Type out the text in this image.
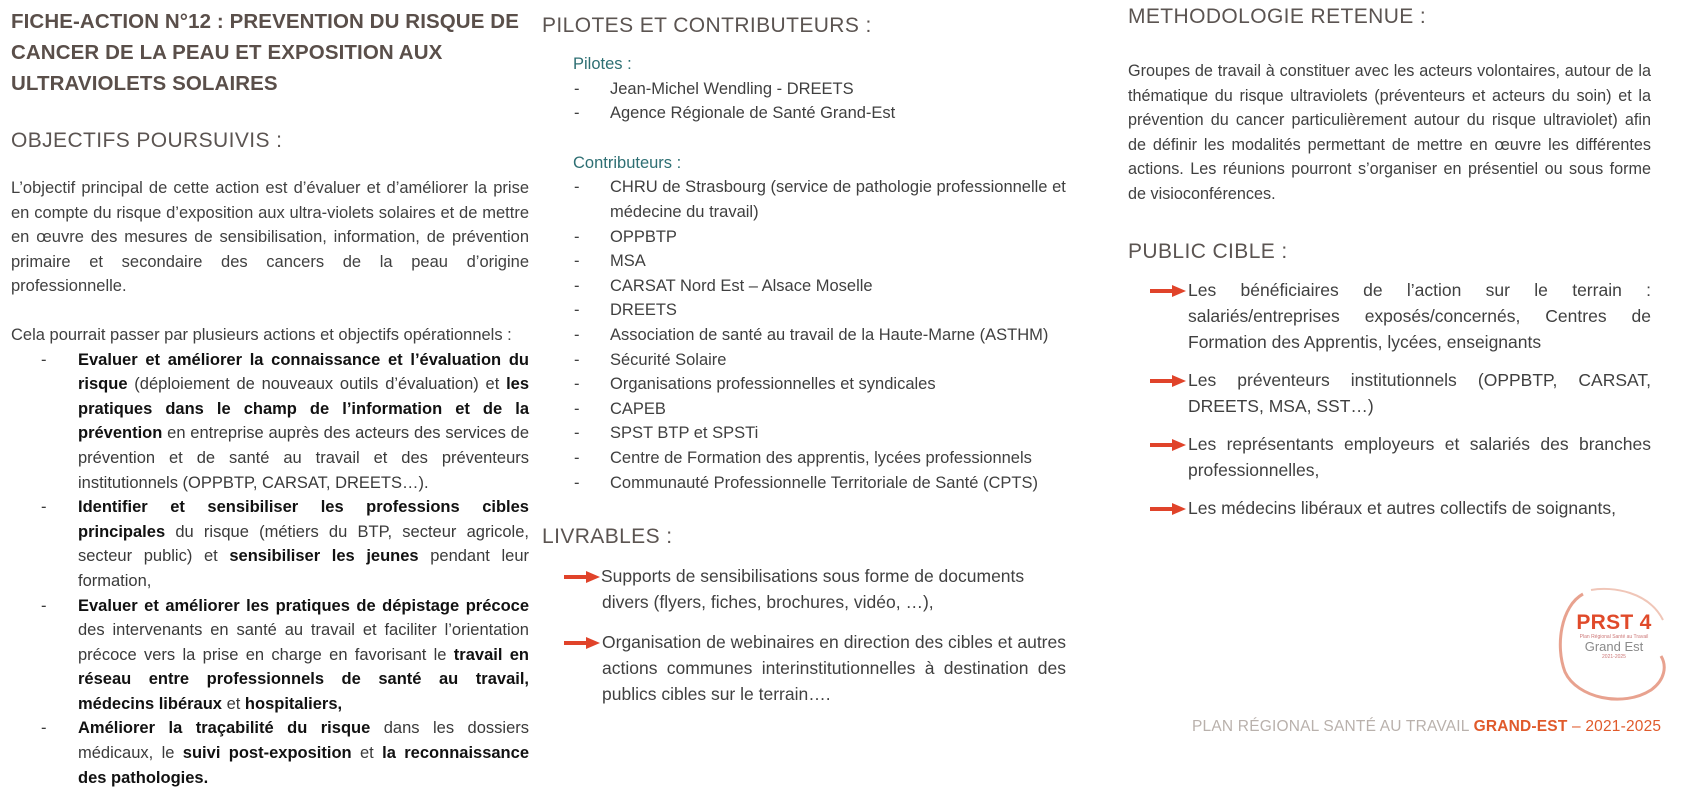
FICHE-ACTION N°12 : PREVENTION DU RISQUE DE CANCER DE LA PEAU ET EXPOSITION AUX ULTRAVIOLETS SOLAIRES
OBJECTIFS POURSUIVIS :

L’objectif principal de cette action est d’évaluer et d’améliorer la prise en compte du risque d’exposition aux ultra-violets solaires et de mettre en œuvre des mesures de sensibilisation, information, de prévention primaire et secondaire des cancers de la peau d’origine professionnelle.

Cela pourrait passer par plusieurs actions et objectifs opérationnels :

- Evaluer et améliorer la connaissance et l’évaluation du risque (déploiement de nouveaux outils d’évaluation) et les pratiques dans le champ de l’information et de la prévention en entreprise auprès des acteurs des services de prévention et de santé au travail et des préventeurs institutionnels (OPPBTP, CARSAT, DREETS…).
- Identifier et sensibiliser les professions cibles principales du risque (métiers du BTP, secteur agricole, secteur public) et sensibiliser les jeunes pendant leur formation,
- Evaluer et améliorer les pratiques de dépistage précoce des intervenants en santé au travail et faciliter l’orientation précoce vers la prise en charge en favorisant le travail en réseau entre professionnels de santé au travail, médecins libéraux et hospitaliers,
- Améliorer la traçabilité du risque dans les dossiers médicaux, le suivi post-exposition et la reconnaissance des pathologies.
PILOTES ET CONTRIBUTEURS :
Pilotes :
- Jean-Michel Wendling - DREETS
- Agence Régionale de Santé Grand-Est
Contributeurs :
- CHRU de Strasbourg (service de pathologie professionnelle et médecine du travail)
- OPPBTP
- MSA
- CARSAT Nord Est – Alsace Moselle
- DREETS
- Association de santé au travail de la Haute-Marne (ASTHM)
- Sécurité Solaire
- Organisations professionnelles et syndicales
- CAPEB
- SPST BTP et SPSTi
- Centre de Formation des apprentis, lycées professionnels
- Communauté Professionnelle Territoriale de Santé (CPTS)
LIVRABLES :
Supports de sensibilisations sous forme de documents divers (flyers, fiches, brochures, vidéo, …),
Organisation de webinaires en direction des cibles et autres actions communes interinstitutionnelles à destination des publics cibles sur le terrain….
METHODOLOGIE RETENUE :

Groupes de travail à constituer avec les acteurs volontaires, autour de la thématique du risque ultraviolets (préventeurs et acteurs du soin) et la prévention du cancer particulièrement autour du risque ultraviolet) afin de définir les modalités permettant de mettre en œuvre les différentes actions. Les réunions pourront s’organiser en présentiel ou sous forme de visioconférences.

PUBLIC CIBLE :
Les bénéficiaires de l’action sur le terrain : salariés/entreprises exposés/concernés, Centres de Formation des Apprentis, lycées, enseignants
Les préventeurs institutionnels (OPPBTP, CARSAT, DREETS, MSA, SST…)
Les représentants employeurs et salariés des branches professionnelles,
Les médecins libéraux et autres collectifs de soignants,
PRST 4
Plan Régional Santé au Travail
Grand Est
2021-2025
PLAN RÉGIONAL SANTÉ AU TRAVAIL GRAND-EST – 2021-2025
